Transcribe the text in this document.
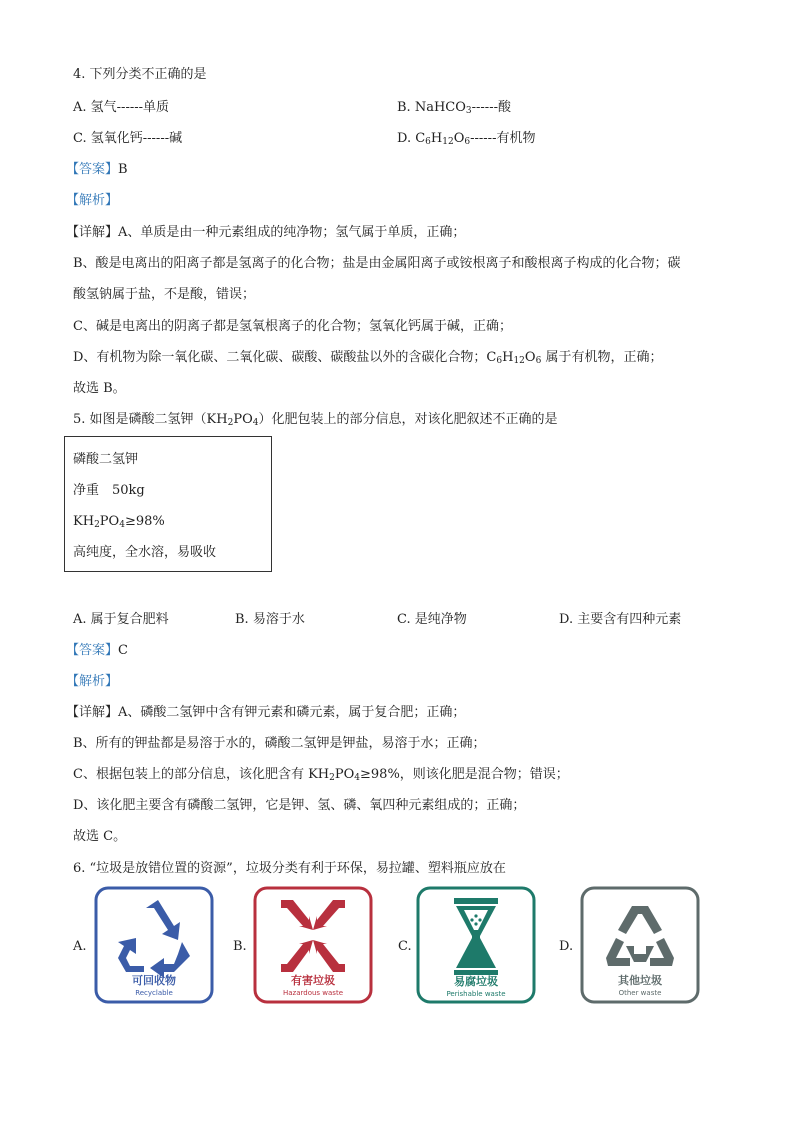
4. 下列分类不正确的是
A. 氢气------单质	B. NaHCO$_3$------酸
C. 氢氧化钙------碱	D. $C_6H_{12}O_6------$有机物
【答案】B
【解析】
【详解】A、单质是由一种元素组成的纯净物；氢气属于单质，正确；
B、酸是电离出的阳离子都是氢离子的化合物；盐是由金属阳离子或铵根离子和酸根离子构成的化合物；碳
酸氢钠属于盐，不是酸，错误；
C、碱是电离出的阴离子都是氢氧根离子的化合物；氢氧化钙属于碱，正确；
D、有机物为除一氧化碳、二氧化碳、碳酸、碳酸盐以外的含碳化合物；$C_6H_{12}O_6$ 属于有机物，正确；
故选 B。
5. 如图是磷酸二氢钾$(KH_2PO_4)$化肥包装上的部分信息，对该化肥叙述不正确的是
磷酸二氢钾
净重　50kg
$KH_2PO_4\ge 98\%$
高纯度，全水溶，易吸收
A. 属于复合肥料	B. 易溶于水	C. 是纯净物	D. 主要含有四种元素
【答案】C
【解析】
【详解】A、磷酸二氢钾中含有钾元素和磷元素，属于复合肥；正确；
B、所有的钾盐都是易溶于水的，磷酸二氢钾是钾盐，易溶于水；正确；
C、根据包装上的部分信息，该化肥含有 $KH_2PO_4\ge 98\%$，则该化肥是混合物；错误；
D、该化肥主要含有磷酸二氢钾，它是钾、氢、磷、氧四种元素组成的；正确；
故选 C。
6. “垃圾是放错位置的资源”，垃圾分类有利于环保，易拉罐、塑料瓶应放在
A.	B.	C.	D.
可回收物
Recyclable
有害垃圾
Hazardous waste
易腐垃圾
Perishable waste
其他垃圾
Other waste
